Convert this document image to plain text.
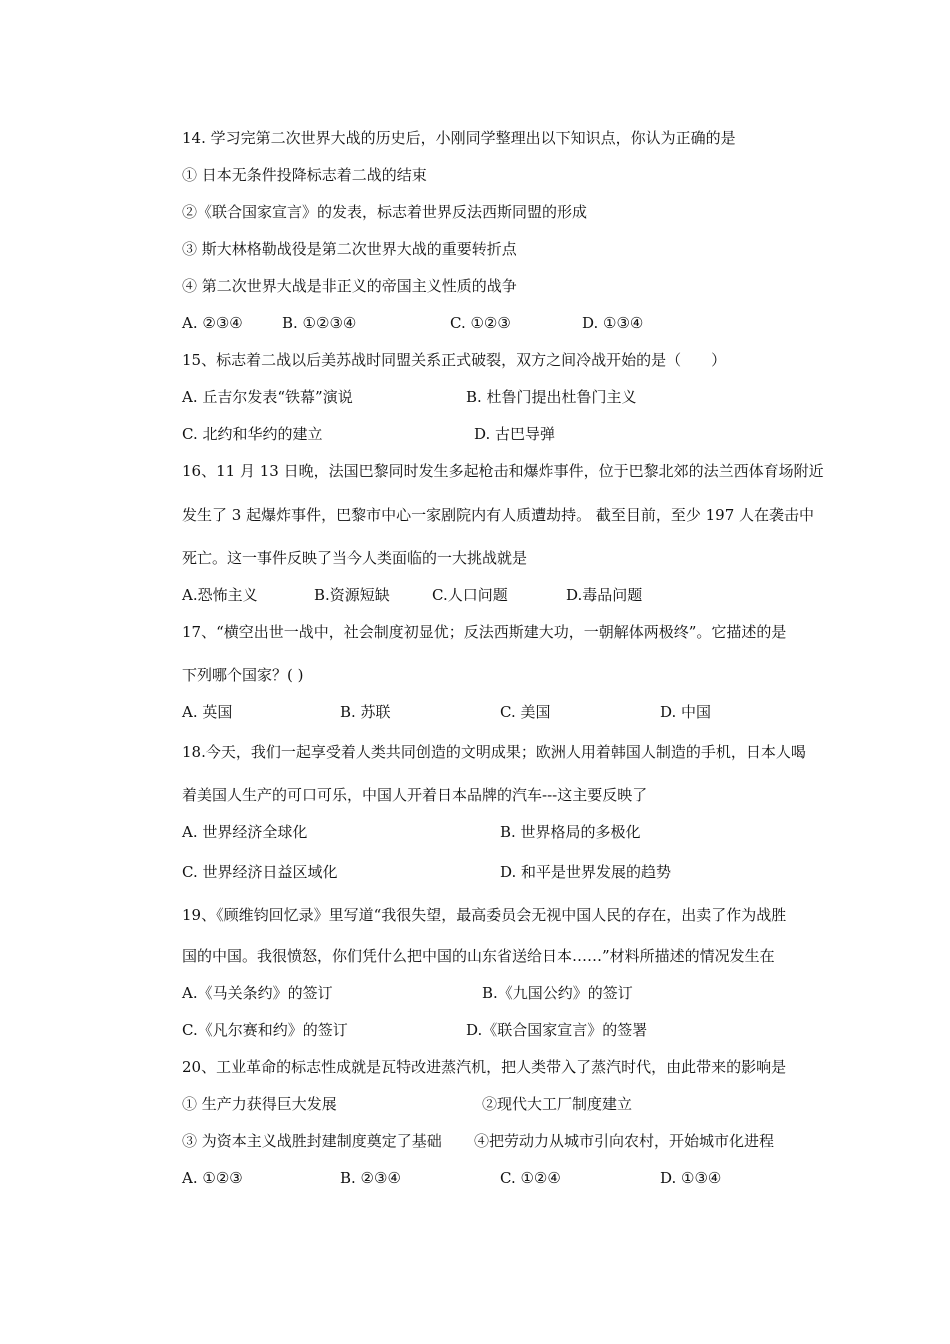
14. 学习完第二次世界大战的历史后，小刚同学整理出以下知识点，你认为正确的是
① 日本无条件投降标志着二战的结束
②《联合国家宣言》的发表，标志着世界反法西斯同盟的形成
③ 斯大林格勒战役是第二次世界大战的重要转折点
④ 第二次世界大战是非正义的帝国主义性质的战争
A. ②③④	B. ①②③④	C. ①②③	D. ①③④
15、标志着二战以后美苏战时同盟关系正式破裂，双方之间冷战开始的是（　　）
A. 丘吉尔发表“铁幕”演说	B. 杜鲁门提出杜鲁门主义
C. 北约和华约的建立	D. 古巴导弹
16、11 月 13 日晚，法国巴黎同时发生多起枪击和爆炸事件，位于巴黎北郊的法兰西体育场附近
发生了 3 起爆炸事件，巴黎市中心一家剧院内有人质遭劫持。 截至目前，至少 197 人在袭击中
死亡。这一事件反映了当今人类面临的一大挑战就是
A.恐怖主义	B.资源短缺	C.人口问题	D.毒品问题
17、“横空出世一战中，社会制度初显优；反法西斯建大功，一朝解体两极终”。它描述的是
下列哪个国家？( )
A. 英国	B. 苏联	C. 美国	D. 中国
18.今天，我们一起享受着人类共同创造的文明成果；欧洲人用着韩国人制造的手机，日本人喝
着美国人生产的可口可乐，中国人开着日本品牌的汽车---这主要反映了
A. 世界经济全球化	B. 世界格局的多极化
C. 世界经济日益区域化	D. 和平是世界发展的趋势
19、《顾维钧回忆录》里写道“我很失望，最高委员会无视中国人民的存在，出卖了作为战胜
国的中国。我很愤怒，你们凭什么把中国的山东省送给日本……”材料所描述的情况发生在
A.《马关条约》的签订	B.《九国公约》的签订
C.《凡尔赛和约》的签订	D.《联合国家宣言》的签署
20、工业革命的标志性成就是瓦特改进蒸汽机，把人类带入了蒸汽时代，由此带来的影响是
① 生产力获得巨大发展	②现代大工厂制度建立
③ 为资本主义战胜封建制度奠定了基础 ④把劳动力从城市引向农村，开始城市化进程
A. ①②③	B. ②③④	C. ①②④	D. ①③④
